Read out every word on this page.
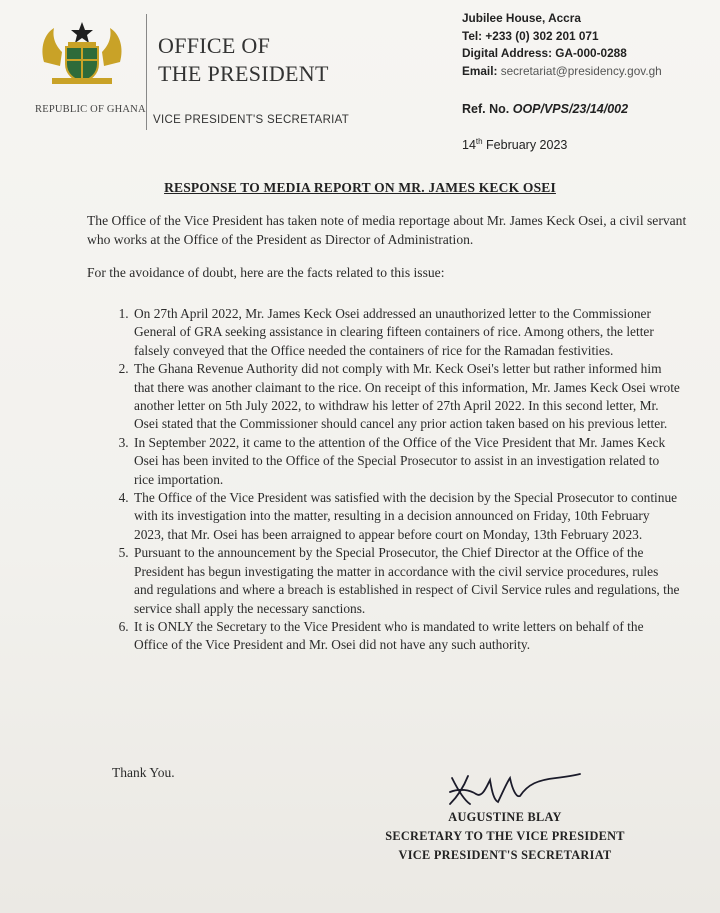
REPUBLIC OF GHANA
OFFICE OF
THE PRESIDENT
VICE PRESIDENT'S SECRETARIAT
Jubilee House, Accra
Tel: +233 (0) 302 201 071
Digital Address: GA-000-0288
Email: secretariat@presidency.gov.gh
Ref. No. OOP/VPS/23/14/002
14th February 2023
RESPONSE TO MEDIA REPORT ON MR. JAMES KECK OSEI
The Office of the Vice President has taken note of media reportage about Mr. James Keck Osei, a civil servant who works at the Office of the President as Director of Administration.
For the avoidance of doubt, here are the facts related to this issue:
1. On 27th April 2022, Mr. James Keck Osei addressed an unauthorized letter to the Commissioner General of GRA seeking assistance in clearing fifteen containers of rice. Among others, the letter falsely conveyed that the Office needed the containers of rice for the Ramadan festivities.
2. The Ghana Revenue Authority did not comply with Mr. Keck Osei's letter but rather informed him that there was another claimant to the rice. On receipt of this information, Mr. James Keck Osei wrote another letter on 5th July 2022, to withdraw his letter of 27th April 2022. In this second letter, Mr. Osei stated that the Commissioner should cancel any prior action taken based on his previous letter.
3. In September 2022, it came to the attention of the Office of the Vice President that Mr. James Keck Osei has been invited to the Office of the Special Prosecutor to assist in an investigation related to rice importation.
4. The Office of the Vice President was satisfied with the decision by the Special Prosecutor to continue with its investigation into the matter, resulting in a decision announced on Friday, 10th February 2023, that Mr. Osei has been arraigned to appear before court on Monday, 13th February 2023.
5. Pursuant to the announcement by the Special Prosecutor, the Chief Director at the Office of the President has begun investigating the matter in accordance with the civil service procedures, rules and regulations and where a breach is established in respect of Civil Service rules and regulations, the service shall apply the necessary sanctions.
6. It is ONLY the Secretary to the Vice President who is mandated to write letters on behalf of the Office of the Vice President and Mr. Osei did not have any such authority.
Thank You.
AUGUSTINE BLAY
SECRETARY TO THE VICE PRESIDENT
VICE PRESIDENT'S SECRETARIAT
